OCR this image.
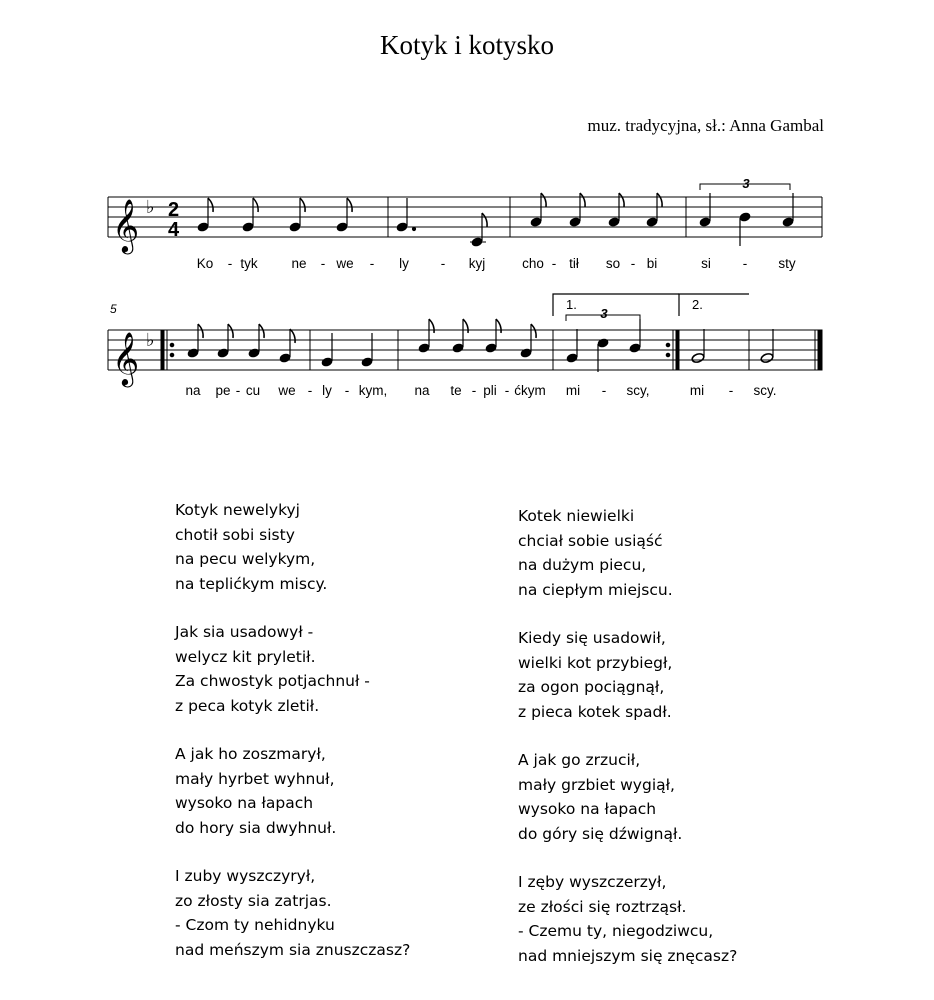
Kotyk i kotysko
muz. tradycyjna, sł.: Anna Gambal
𝄞 ♭ 2
4
3
Ko - tyk	ne - we - ly - kyj	cho - tił so - bi	si - sty
5
𝄞 ♭
1.
3
2.
na pe - cu we - ly - kym, na te - pli - ćkym mi - scy,	mi - scy.
Kotyk newelykyj
chotił sobi sisty
na pecu welykym,
na teplićkym miscy.
Jak sia usadowył -
welycz kit pryletił.
Za chwostyk potjachnuł -
z peca kotyk zletił.
A jak ho zoszmarył,
mały hyrbet wyhnuł,
wysoko na łapach
do hory sia dwyhnuł.
I zuby wyszczyrył,
zo złosty sia zatrjas.
- Czom ty nehidnyku
nad meńszym sia znuszczasz?
Kotek niewielki
chciał sobie usiąść
na dużym piecu,
na ciepłym miejscu.
Kiedy się usadowił,
wielki kot przybiegł,
za ogon pociągnął,
z pieca kotek spadł.
A jak go zrzucił,
mały grzbiet wygiął,
wysoko na łapach
do góry się dźwignął.
I zęby wyszczerzył,
ze złości się roztrząsł.
- Czemu ty, niegodziwcu,
nad mniejszym się znęcasz?
